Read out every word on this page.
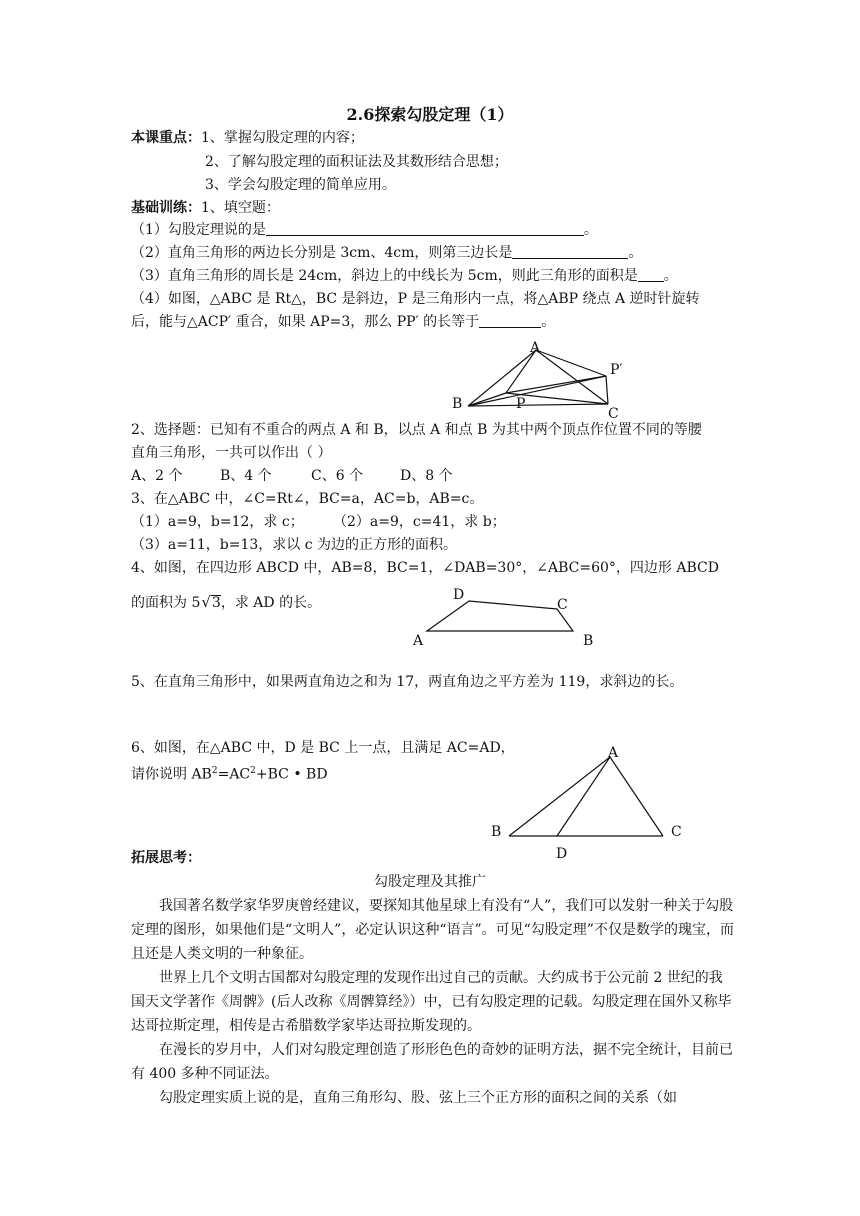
2.6探索勾股定理（1）
本课重点：1、掌握勾股定理的内容；
2、了解勾股定理的面积证法及其数形结合思想；
3、学会勾股定理的简单应用。
基础训练：1、填空题：
（1）勾股定理说的是	。
（2）直角三角形的两边长分别是 3cm、4cm，则第三边长是	。
（3）直角三角形的周长是 24cm，斜边上的中线长为 5cm，则此三角形的面积是 。
（4）如图，△ABC 是 Rt△，BC 是斜边，P 是三角形内一点，将△ABP 绕点 A 逆时针旋转
后，能与△ACP′ 重合，如果 AP=3，那么 PP′ 的长等于	。
A
B
C
P
P′
2、选择题：已知有不重合的两点 A 和 B，以点 A 和点 B 为其中两个顶点作位置不同的等腰
直角三角形，一共可以作出（ ）
A、2 个	B、4 个	C、6 个	D、8 个
3、在△ABC 中，∠C=Rt∠，BC=a，AC=b，AB=c。
（1）a=9，b=12，求 c； （2）a=9，c=41，求 b；
（3）a=11，b=13，求以 c 为边的正方形的面积。
4、如图，在四边形 ABCD 中，AB=8，BC=1，∠DAB=30°，∠ABC=60°，四边形 ABCD
的面积为 5√3，求 AD 的长。
A	B
C
D
5、在直角三角形中，如果两直角边之和为 17，两直角边之平方差为 119，求斜边的长。
6、如图，在△ABC 中，D 是 BC 上一点，且满足 AC=AD，
请你说明 $AB^2=AC^2+BC$ • BD
A
B	C
D
拓展思考：
勾股定理及其推广
我国著名数学家华罗庚曾经建议，要探知其他星球上有没有“人”，我们可以发射一种关于勾股定理的图形，如果他们是“文明人”，必定认识这种“语言”。可见“勾股定理”不仅是数学的瑰宝，而且还是人类文明的一种象征。
世界上几个文明古国都对勾股定理的发现作出过自己的贡献。大约成书于公元前 2 世纪的我国天文学著作《周髀》(后人改称《周髀算经》）中，已有勾股定理的记载。勾股定理在国外又称毕达哥拉斯定理，相传是古希腊数学家毕达哥拉斯发现的。
在漫长的岁月中，人们对勾股定理创造了形形色色的奇妙的证明方法，据不完全统计，目前已有 400 多种不同证法。
勾股定理实质上说的是，直角三角形勾、股、弦上三个正方形的面积之间的关系（如
